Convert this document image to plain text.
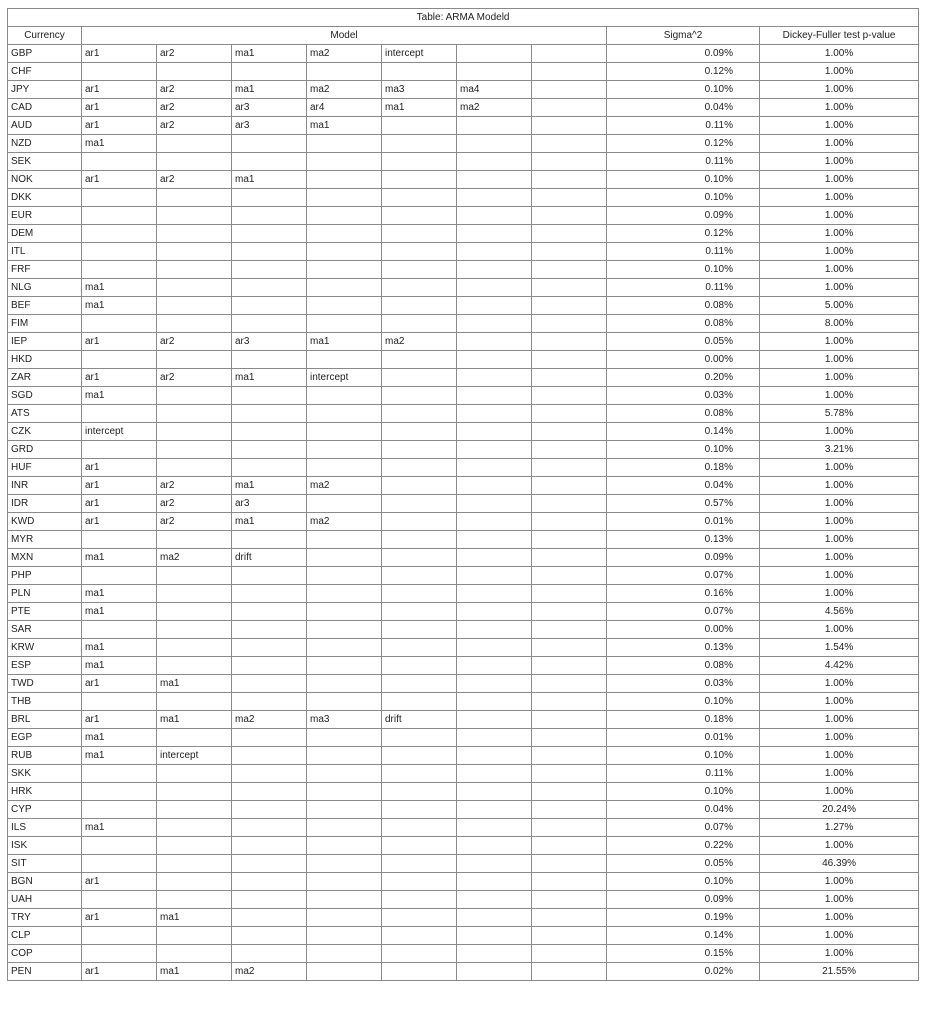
Table: ARMA Modeld									
Currency	Model							Sigma^2	Dickey-Fuller test p-value
GBP	ar1	ar2	ma1	ma2	intercept			0.09%	1.00%
CHF								0.12%	1.00%
JPY	ar1	ar2	ma1	ma2	ma3	ma4		0.10%	1.00%
CAD	ar1	ar2	ar3	ar4	ma1	ma2		0.04%	1.00%
AUD	ar1	ar2	ar3	ma1				0.11%	1.00%
NZD	ma1							0.12%	1.00%
SEK								0.11%	1.00%
NOK	ar1	ar2	ma1					0.10%	1.00%
DKK								0.10%	1.00%
EUR								0.09%	1.00%
DEM								0.12%	1.00%
ITL								0.11%	1.00%
FRF								0.10%	1.00%
NLG	ma1							0.11%	1.00%
BEF	ma1							0.08%	5.00%
FIM								0.08%	8.00%
IEP	ar1	ar2	ar3	ma1	ma2			0.05%	1.00%
HKD								0.00%	1.00%
ZAR	ar1	ar2	ma1	intercept				0.20%	1.00%
SGD	ma1							0.03%	1.00%
ATS								0.08%	5.78%
CZK	intercept							0.14%	1.00%
GRD								0.10%	3.21%
HUF	ar1							0.18%	1.00%
INR	ar1	ar2	ma1	ma2				0.04%	1.00%
IDR	ar1	ar2	ar3					0.57%	1.00%
KWD	ar1	ar2	ma1	ma2				0.01%	1.00%
MYR								0.13%	1.00%
MXN	ma1	ma2	drift					0.09%	1.00%
PHP								0.07%	1.00%
PLN	ma1							0.16%	1.00%
PTE	ma1							0.07%	4.56%
SAR								0.00%	1.00%
KRW	ma1							0.13%	1.54%
ESP	ma1							0.08%	4.42%
TWD	ar1	ma1						0.03%	1.00%
THB								0.10%	1.00%
BRL	ar1	ma1	ma2	ma3	drift			0.18%	1.00%
EGP	ma1							0.01%	1.00%
RUB	ma1	intercept						0.10%	1.00%
SKK								0.11%	1.00%
HRK								0.10%	1.00%
CYP								0.04%	20.24%
ILS	ma1							0.07%	1.27%
ISK								0.22%	1.00%
SIT								0.05%	46.39%
BGN	ar1							0.10%	1.00%
UAH								0.09%	1.00%
TRY	ar1	ma1						0.19%	1.00%
CLP								0.14%	1.00%
COP								0.15%	1.00%
PEN	ar1	ma1	ma2					0.02%	21.55%
